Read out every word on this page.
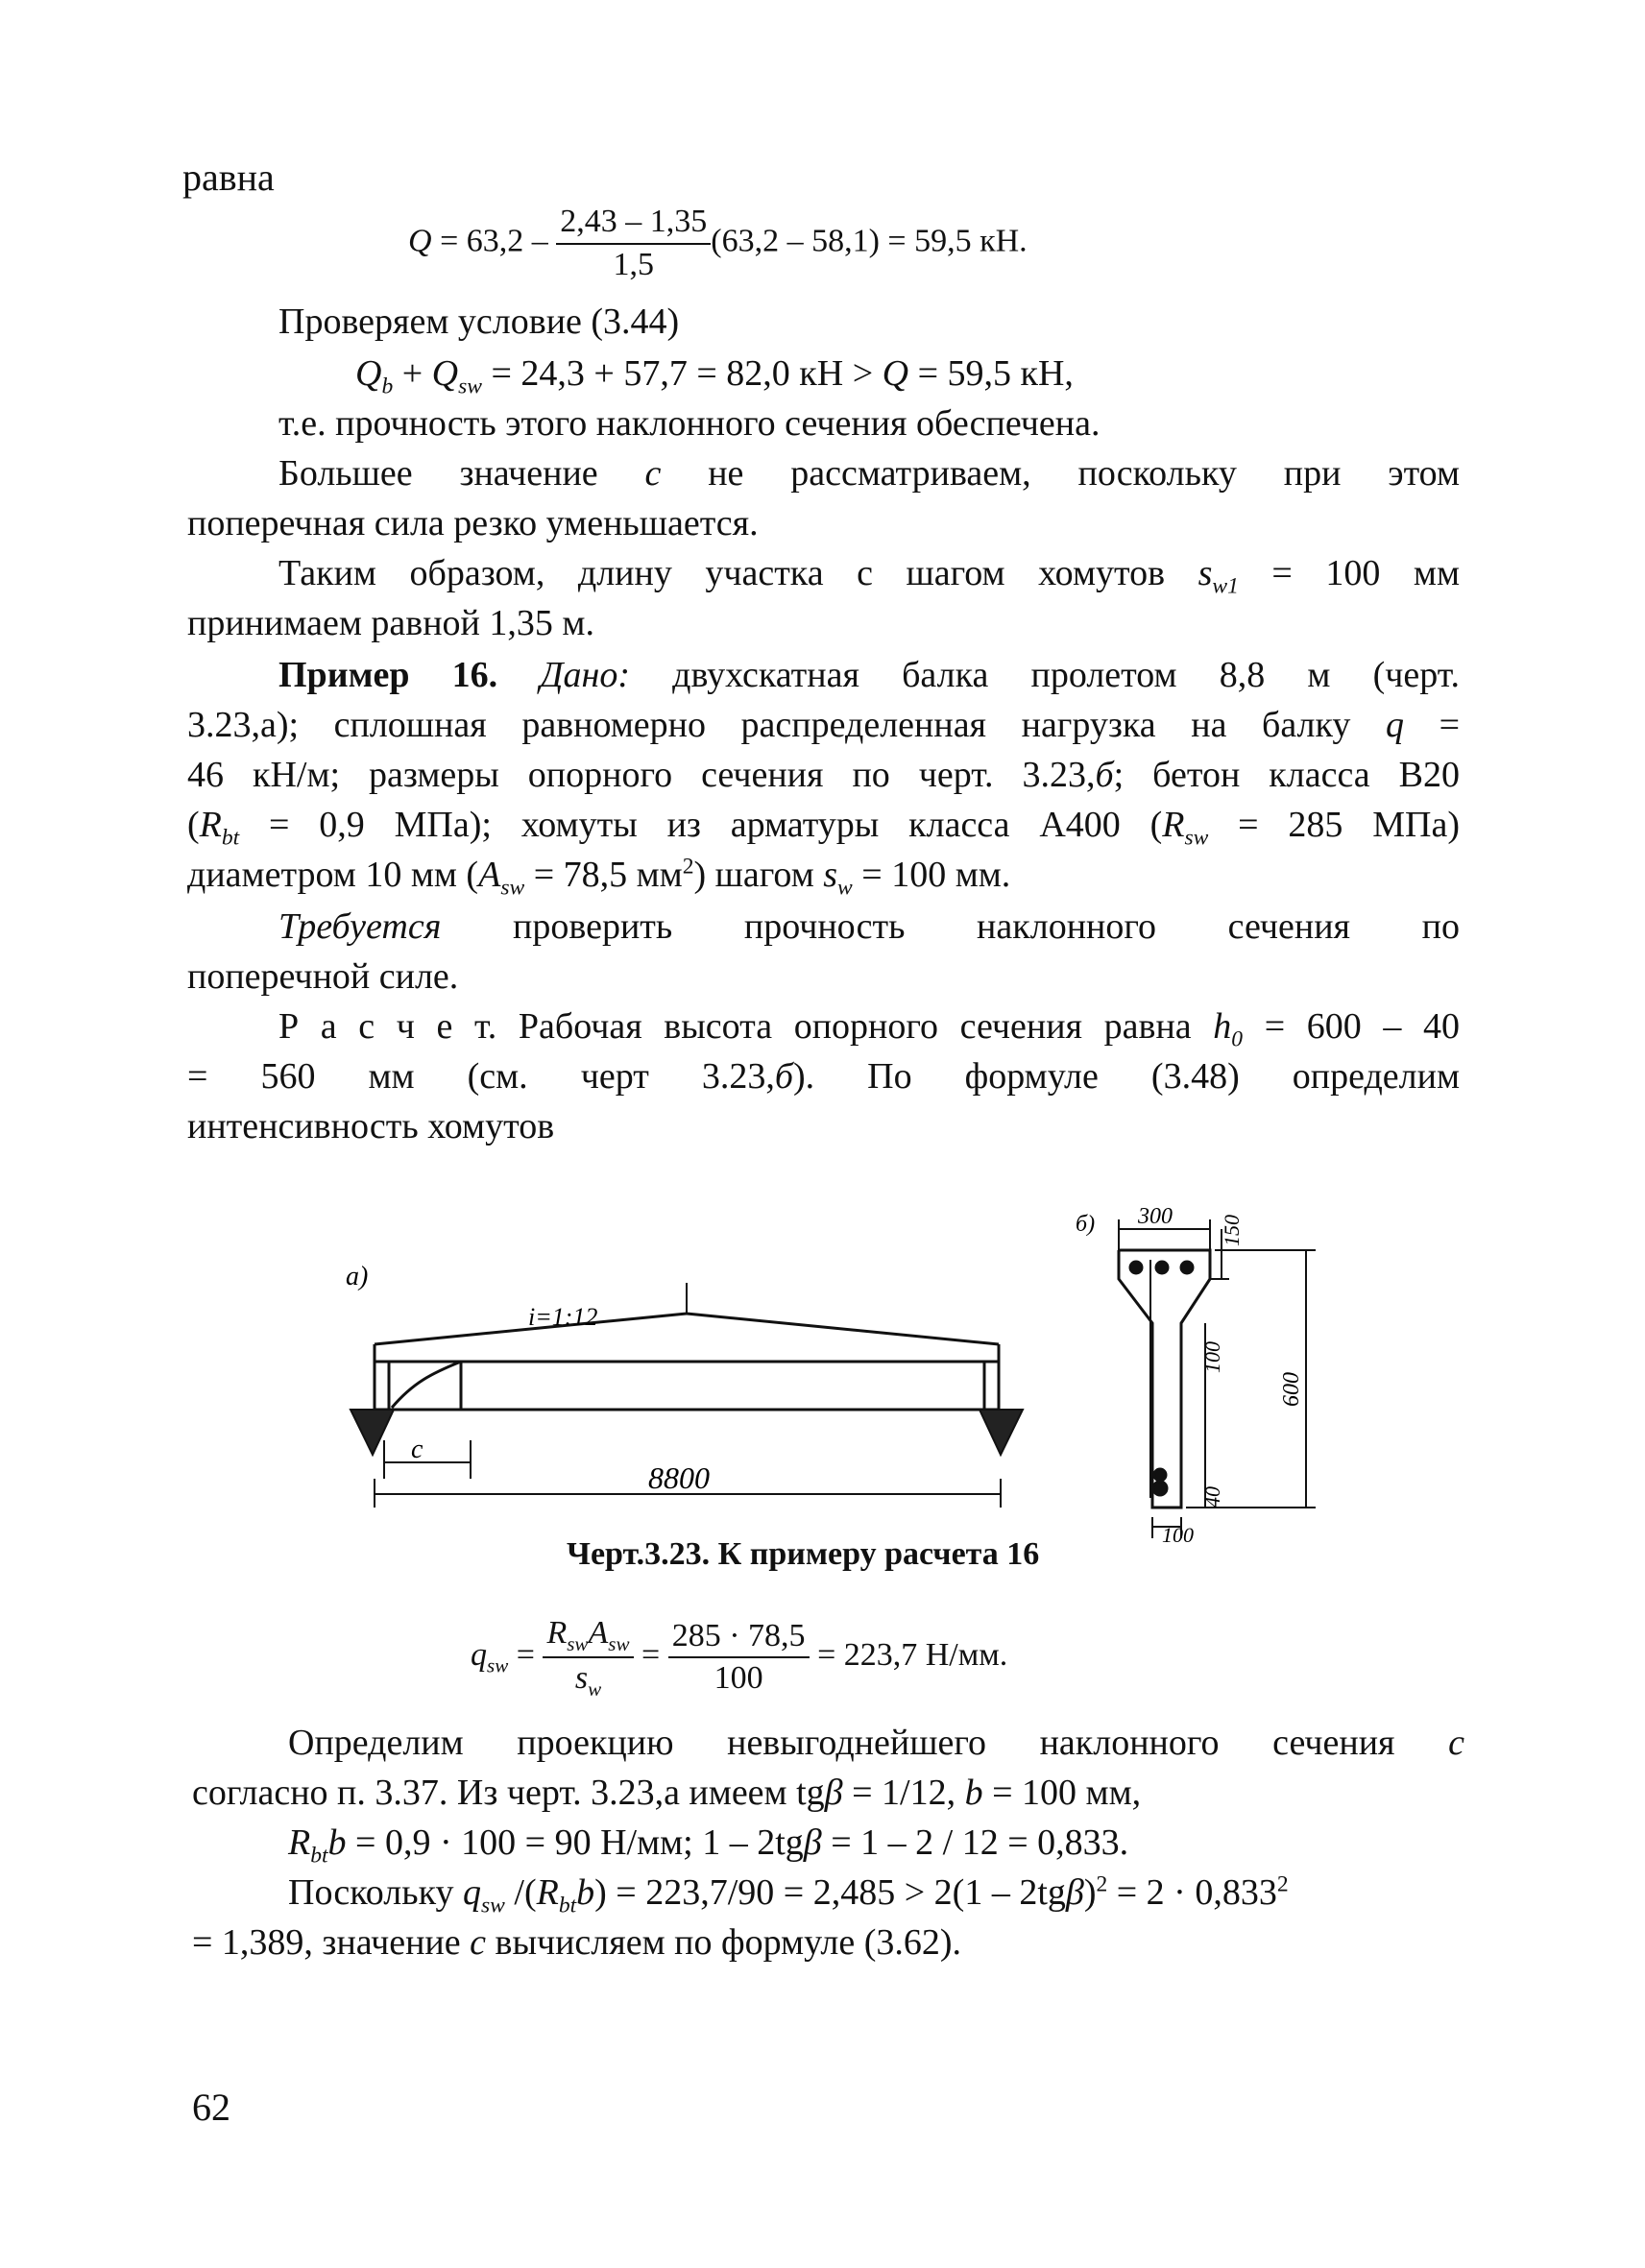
равна
$Q = 63,2 - \frac{2,43 - 1,35}{1,5} (63,2 - 58,1) = 59,5$ кН.
Проверяем условие (3.44)
$Q_b + Q_{sw} = 24,3 + 57,7 = 82,0$ кН > Q = 59,5 кН,
т.е. прочность этого наклонного сечения обеспечена.
Большее значение c не рассматриваем, поскольку при этом
поперечная сила резко уменьшается.
Таким образом, длину участка с шагом хомутов $s_{w1} = 100$ мм
принимаем равной 1,35 м.
Пример 16. Дано: двухскатная балка пролетом 8,8 м (черт.
3.23,а); сплошная равномерно распределенная нагрузка на балку q =
46 кН/м; размеры опорного сечения по черт. 3.23,б; бетон класса В20
($R_{bt} = 0,9$ МПа); хомуты из арматуры класса А400 ($R_{sw} = 285$ МПа)
диаметром 10 мм ($A_{sw} = 78,5$ $мм^2$) шагом $s_w = 100$ мм.
Требуется проверить прочность наклонного сечения по
поперечной силе.
Р а с ч е т. Рабочая высота опорного сечения равна $h_0 = 600 - 40$
= 560 мм (см. черт 3.23,б). По формуле (3.48) определим
интенсивность хомутов
a)
i=1:12
c
8800
б) 300 150
100
600
40
100
Черт.3.23. К примеру расчета 16
$q_{sw} = \frac{R_{sw}A_{sw}}{s_w} = \frac{285 \cdot 78,5}{100} = 223,7$ Н/мм.
Определим проекцию невыгоднейшего наклонного сечения c
согласно п. 3.37. Из черт. 3.23,а имеем tgβ = 1/12, b = 100 мм,
$R_{bt}b = 0,9 \cdot 100 = 90$ Н/мм; 1 – 2tgβ = 1 – 2 / 12 = 0,833.
Поскольку $q_{sw}$ $/(R_{bt}b) = 223,7/90 = 2,485 > 2(1 - 2tg\beta)^2 = 2 \cdot 0,833^2$
= 1,389, значение c вычисляем по формуле (3.62).
62
